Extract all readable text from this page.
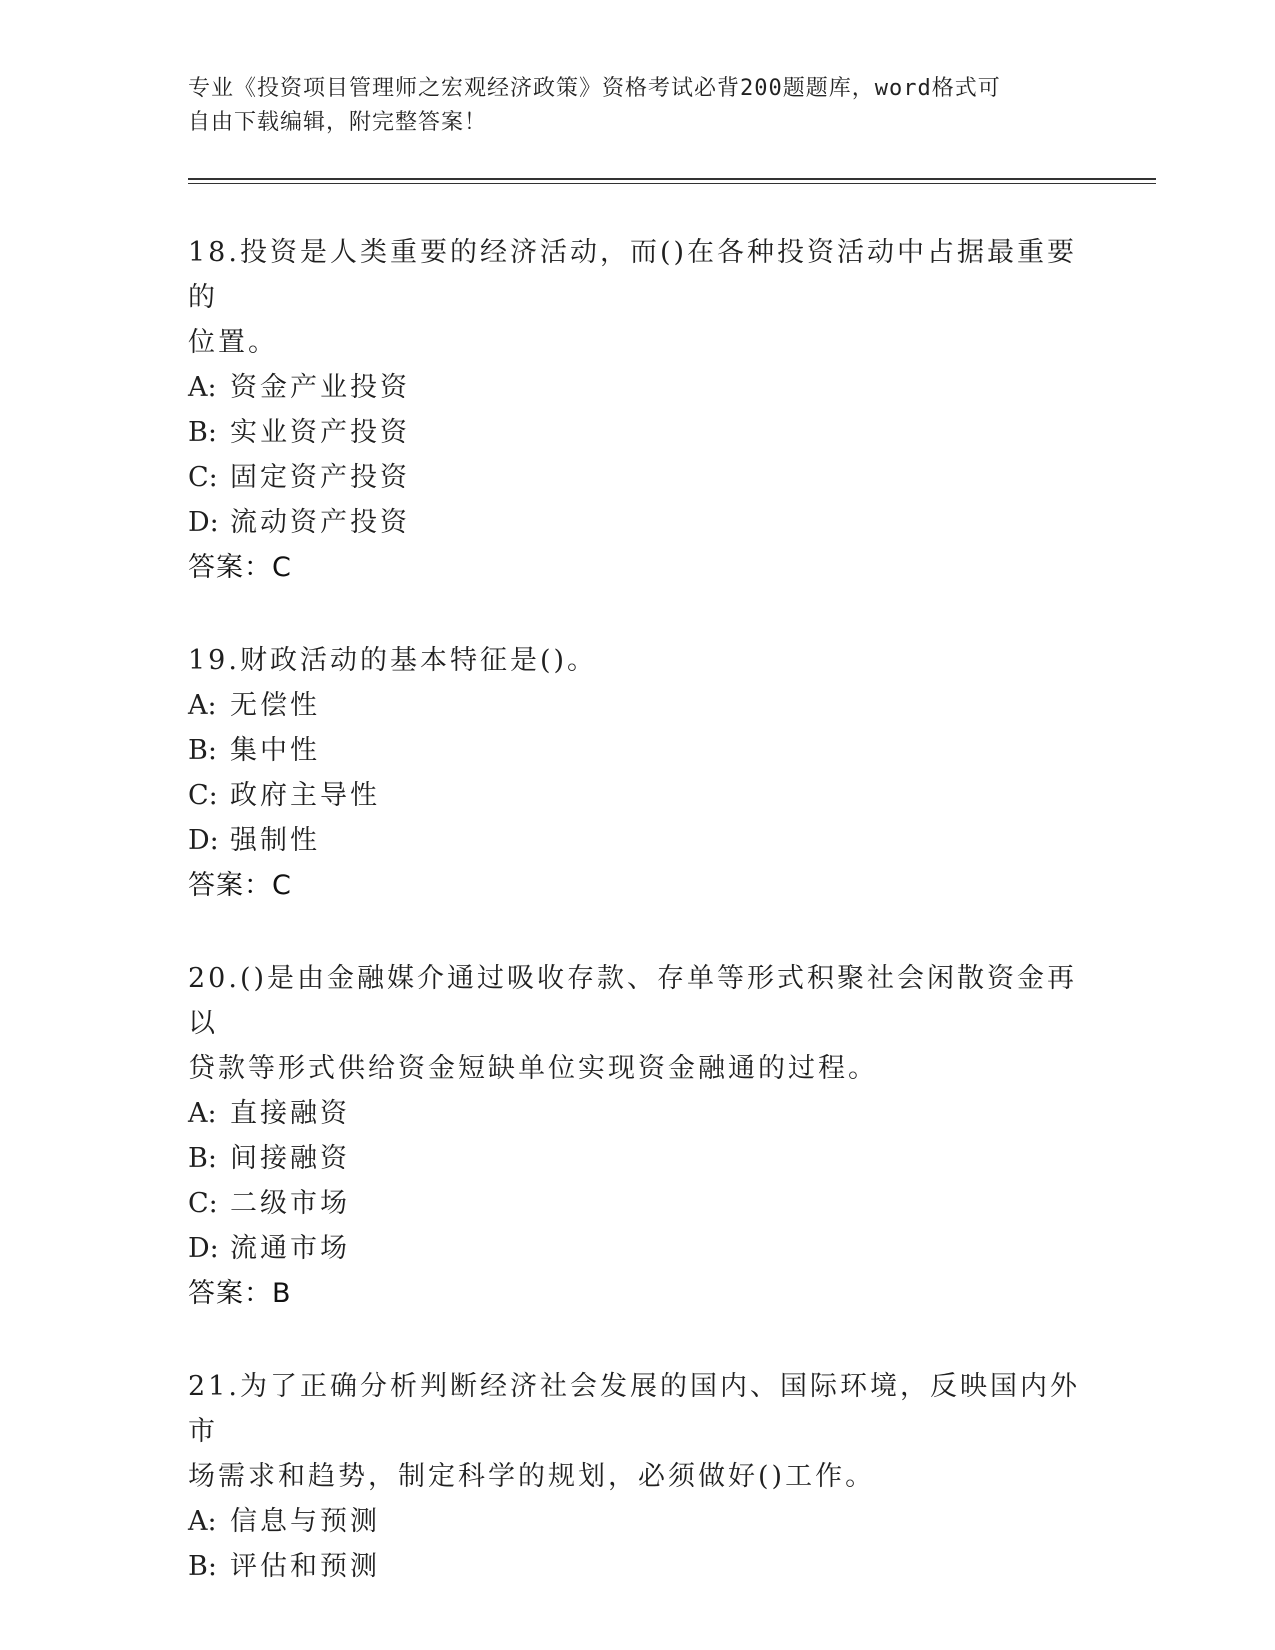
专业《投资项目管理师之宏观经济政策》资格考试必背200题题库，word格式可
自由下载编辑，附完整答案！
18.投资是人类重要的经济活动，而()在各种投资活动中占据最重要的
位置。
A: 资金产业投资
B: 实业资产投资
C: 固定资产投资
D: 流动资产投资
答案：C
19.财政活动的基本特征是()。
A: 无偿性
B: 集中性
C: 政府主导性
D: 强制性
答案：C
20.()是由金融媒介通过吸收存款、存单等形式积聚社会闲散资金再以
贷款等形式供给资金短缺单位实现资金融通的过程。
A: 直接融资
B: 间接融资
C: 二级市场
D: 流通市场
答案：B
21.为了正确分析判断经济社会发展的国内、国际环境，反映国内外市
场需求和趋势，制定科学的规划，必须做好()工作。
A: 信息与预测
B: 评估和预测
